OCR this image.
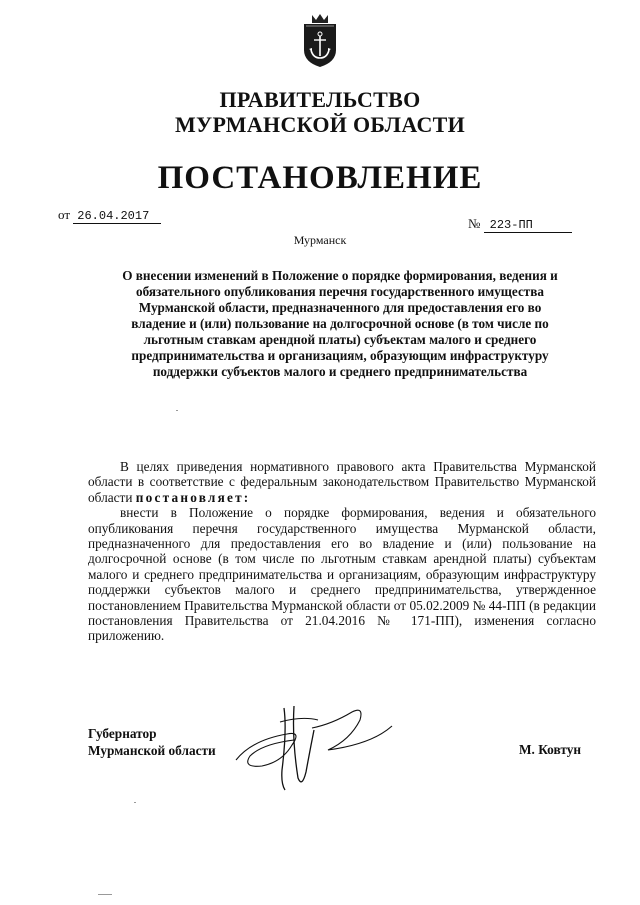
ПРАВИТЕЛЬСТВО
МУРМАНСКОЙ ОБЛАСТИ
ПОСТАНОВЛЕНИЕ
от 26.04.2017	№ 223-ПП
Мурманск
О внесении изменений в Положение о порядке формирования, ведения и обязательного опубликования перечня государственного имущества Мурманской области, предназначенного для предоставления его во владение и (или) пользование на долгосрочной основе (в том числе по льготным ставкам арендной платы) субъектам малого и среднего предпринимательства и организациям, образующим инфраструктуру поддержки субъектов малого и среднего предпринимательства

В целях приведения нормативного правового акта Правительства Мурманской области в соответствие с федеральным законодательством Правительство Мурманской области постановляет:

внести в Положение о порядке формирования, ведения и обязательного опубликования перечня государственного имущества Мурманской области, предназначенного для предоставления его во владение и (или) пользование на долгосрочной основе (в том числе по льготным ставкам арендной платы) субъектам малого и среднего предпринимательства и организациям, образующим инфраструктуру поддержки субъектов малого и среднего предпринимательства, утвержденное постановлением Правительства Мурманской области от 05.02.2009 № 44-ПП (в редакции постановления Правительства от 21.04.2016 № 171-ПП), изменения согласно приложению.

Губернатор
Мурманской области	М. Ковтун
